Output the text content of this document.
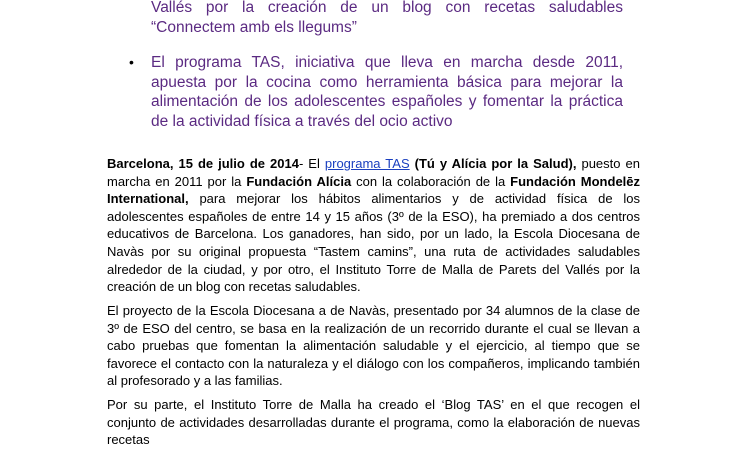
Vallés por la creación de un blog con recetas saludables “Connectem amb els llegums”
• El programa TAS, iniciativa que lleva en marcha desde 2011, apuesta por la cocina como herramienta básica para mejorar la alimentación de los adolescentes españoles y fomentar la práctica de la actividad física a través del ocio activo

Barcelona, 15 de julio de 2014- El programa TAS (Tú y Alícia por la Salud), puesto en marcha en 2011 por la Fundación Alícia con la colaboración de la Fundación Mondelēz International, para mejorar los hábitos alimentarios y de actividad física de los adolescentes españoles de entre 14 y 15 años (3º de la ESO), ha premiado a dos centros educativos de Barcelona. Los ganadores, han sido, por un lado, la Escola Diocesana de Navàs por su original propuesta “Tastem camins”, una ruta de actividades saludables alrededor de la ciudad, y por otro, el Instituto Torre de Malla de Parets del Vallés por la creación de un blog con recetas saludables.

El proyecto de la Escola Diocesana a de Navàs, presentado por 34 alumnos de la clase de 3º de ESO del centro, se basa en la realización de un recorrido durante el cual se llevan a cabo pruebas que fomentan la alimentación saludable y el ejercicio, al tiempo que se favorece el contacto con la naturaleza y el diálogo con los compañeros, implicando también al profesorado y a las familias.

Por su parte, el Instituto Torre de Malla ha creado el ‘Blog TAS’ en el que recogen el conjunto de actividades desarrolladas durante el programa, como la elaboración de nuevas recetas
